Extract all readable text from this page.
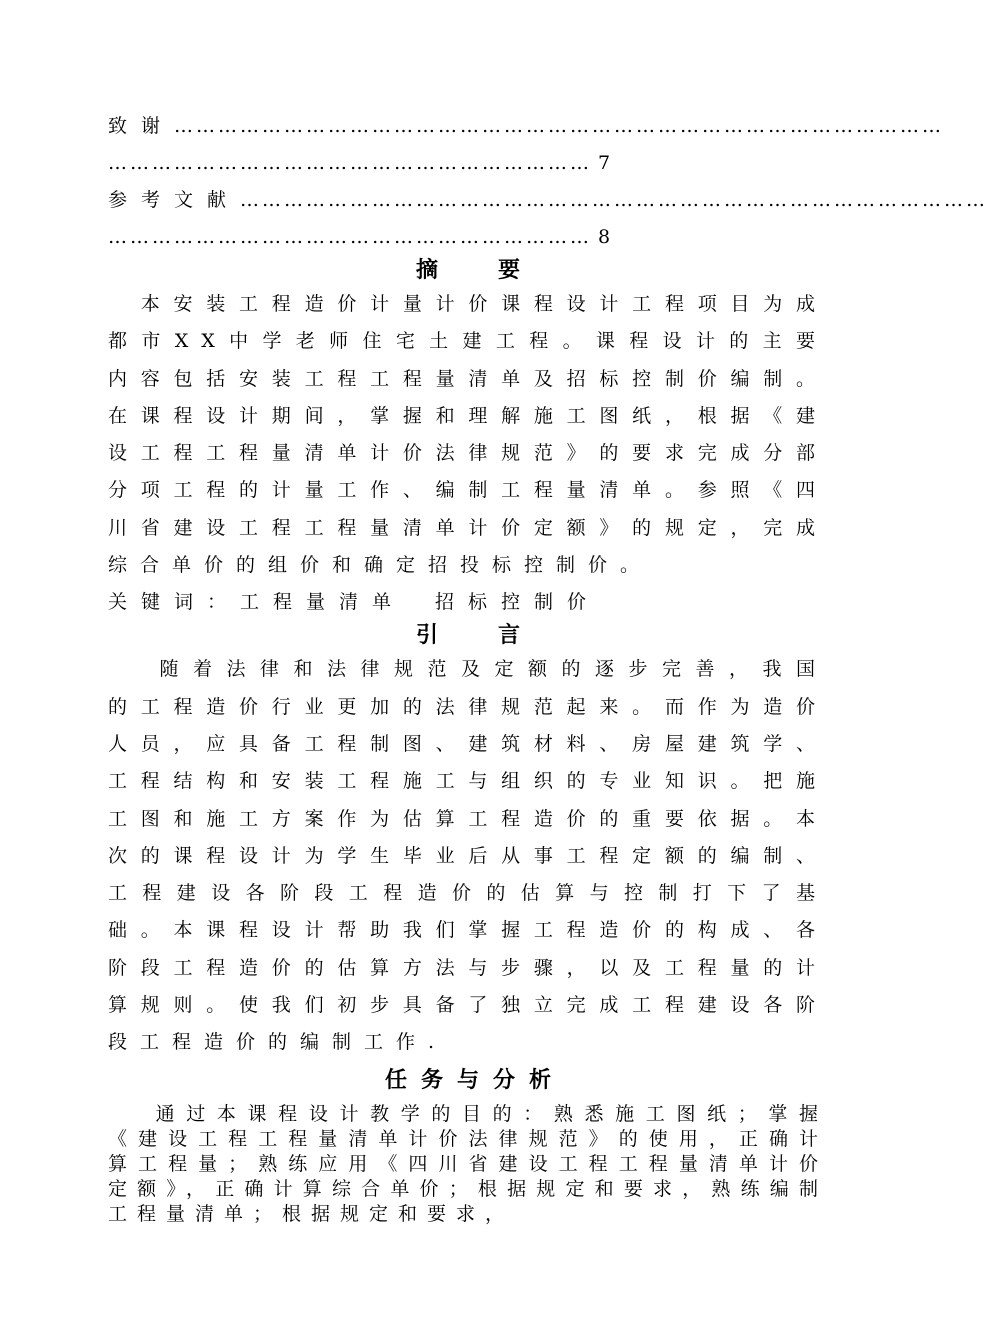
致谢……………………………………………………………………………………………
………………………………………………………… 7
参考文献…………………………………………………………………………………………
………………………………………………………… 8
摘要

本安装工程造价计量计价课程设计工程项目为成都市XX中学老师住宅土建工程。课程设计的主要内容包括安装工程工程量清单及招标控制价编制。在课程设计期间，掌握和理解施工图纸，根据《建设工程工程量清单计价法律规范》的要求完成分部分项工程的计量工作、编制工程量清单。参照《四川省建设工程工程量清单计价定额》的规定，完成综合单价的组价和确定招投标控制价。

关键词：工程量清单 招标控制价
引言

随着法律和法律规范及定额的逐步完善，我国的工程造价行业更加的法律规范起来。而作为造价人员，应具备工程制图、建筑材料、房屋建筑学、工程结构和安装工程施工与组织的专业知识。把施工图和施工方案作为估算工程造价的重要依据。本次的课程设计为学生毕业后从事工程定额的编制、工程建设各阶段工程造价的估算与控制打下了基础。本课程设计帮助我们掌握工程造价的构成、各阶段工程造价的估算方法与步骤，以及工程量的计算规则。使我们初步具备了独立完成工程建设各阶段工程造价的编制工作.

任务与分析

通过本课程设计教学的目的：熟悉施工图纸；掌握《建设工程工程量清单计价法律规范》的使用，正确计算工程量；熟练应用《四川省建设工程工程量清单计价定额》，正确计算综合单价；根据规定和要求，熟练编制工程量清单；根据规定和要求，
